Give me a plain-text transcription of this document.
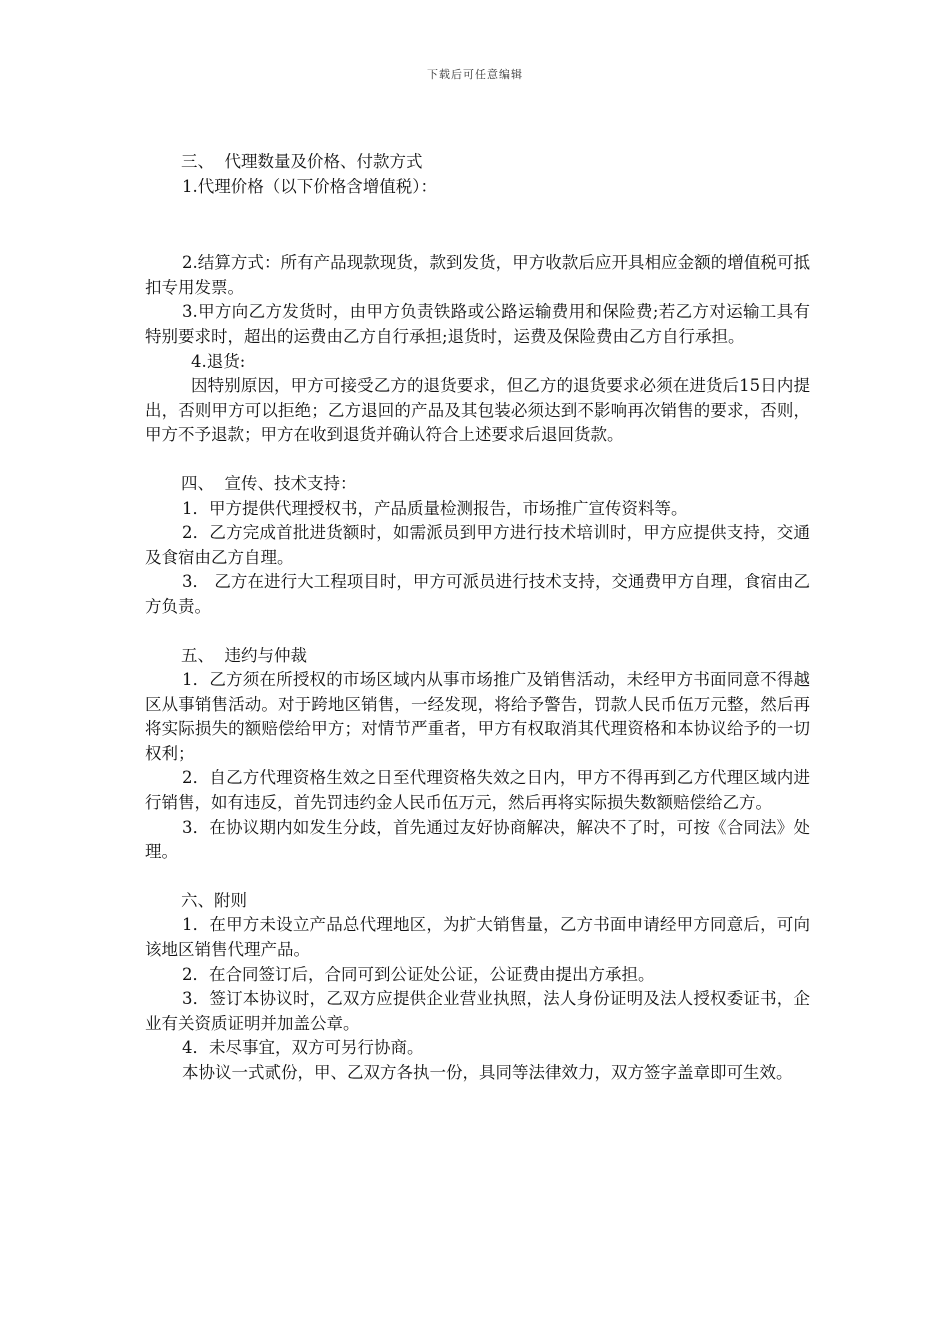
下载后可任意编辑

三、  代理数量及价格、付款方式

1.代理价格（以下价格含增值税）：

2.结算方式：所有产品现款现货，款到发货，甲方收款后应开具相应金额的增值税可抵扣专用发票。

3.甲方向乙方发货时，由甲方负责铁路或公路运输费用和保险费;若乙方对运输工具有特别要求时，超出的运费由乙方自行承担;退货时，运费及保险费由乙方自行承担。

4.退货:

因特别原因，甲方可接受乙方的退货要求，但乙方的退货要求必须在进货后15日内提出，否则甲方可以拒绝；乙方退回的产品及其包装必须达到不影响再次销售的要求，否则，甲方不予退款；甲方在收到退货并确认符合上述要求后退回货款。

四、  宣传、技术支持：

1．甲方提供代理授权书，产品质量检测报告，市场推广宣传资料等。

2．乙方完成首批进货额时，如需派员到甲方进行技术培训时，甲方应提供支持，交通及食宿由乙方自理。

3． 乙方在进行大工程项目时，甲方可派员进行技术支持，交通费甲方自理，食宿由乙方负责。

五、  违约与仲裁

1．乙方须在所授权的市场区域内从事市场推广及销售活动，未经甲方书面同意不得越区从事销售活动。对于跨地区销售，一经发现，将给予警告，罚款人民币伍万元整，然后再将实际损失的额赔偿给甲方；对情节严重者，甲方有权取消其代理资格和本协议给予的一切权利；

2．自乙方代理资格生效之日至代理资格失效之日内，甲方不得再到乙方代理区域内进行销售，如有违反，首先罚违约金人民币伍万元，然后再将实际损失数额赔偿给乙方。

3．在协议期内如发生分歧，首先通过友好协商解决，解决不了时，可按《合同法》处理。

六、附则

1．在甲方未设立产品总代理地区，为扩大销售量，乙方书面申请经甲方同意后，可向该地区销售代理产品。

2．在合同签订后，合同可到公证处公证，公证费由提出方承担。

3．签订本协议时，乙双方应提供企业营业执照，法人身份证明及法人授权委证书，企业有关资质证明并加盖公章。

4．未尽事宜，双方可另行协商。

本协议一式贰份，甲、乙双方各执一份，具同等法律效力，双方签字盖章即可生效。
